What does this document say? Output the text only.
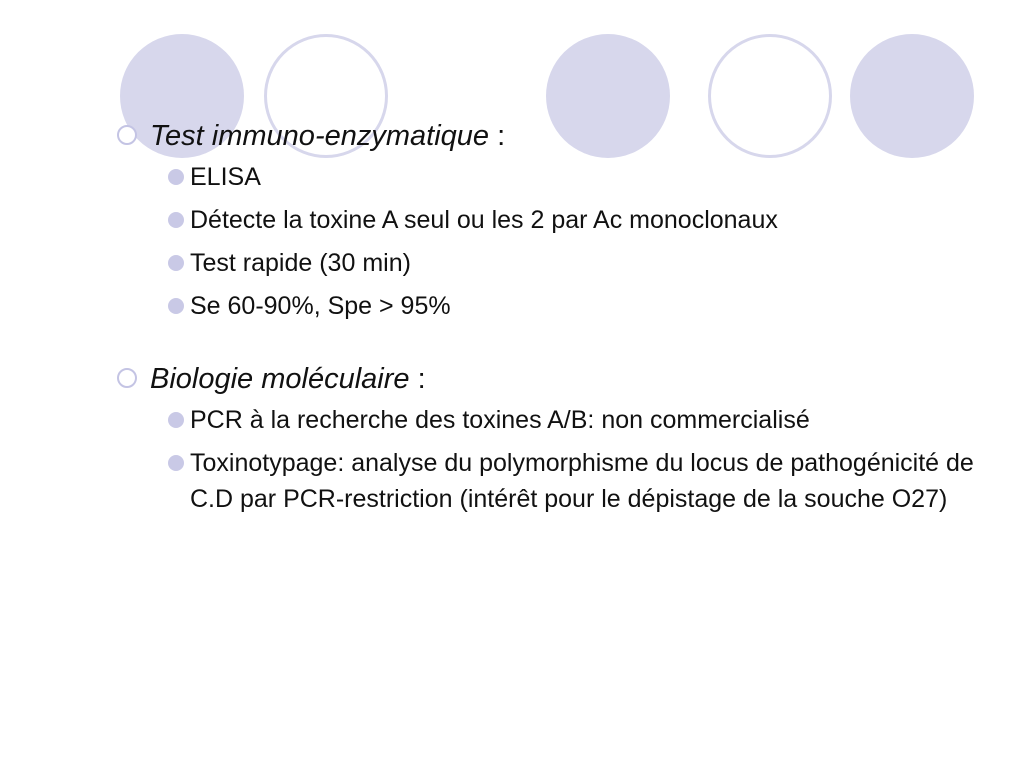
Test immuno-enzymatique :
ELISA
Détecte la toxine A seul ou les 2 par Ac monoclonaux
Test rapide (30 min)
Se 60-90%, Spe > 95%
Biologie moléculaire :
PCR à la recherche des toxines A/B: non commercialisé
Toxinotypage: analyse du polymorphisme du locus de pathogénicité de C.D par PCR-restriction (intérêt pour le dépistage de la souche O27)
